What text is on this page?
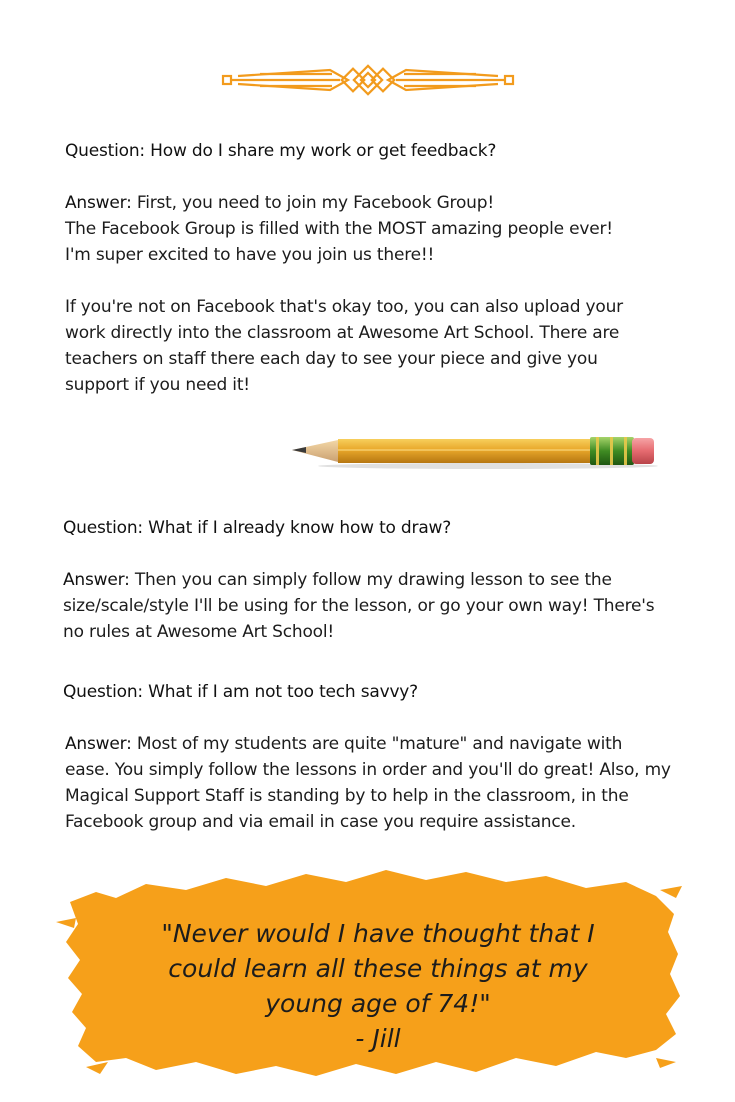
Question: How do I share my work or get feedback?
Answer: First, you need to join my Facebook Group!
The Facebook Group is filled with the MOST amazing people ever!
I'm super excited to have you join us there!!

If you're not on Facebook that's okay too, you can also upload your
work directly into the classroom at Awesome Art School. There are
teachers on staff there each day to see your piece and give you
support if you need it!
Question: What if I already know how to draw?
Answer: Then you can simply follow my drawing lesson to see the
size/scale/style I'll be using for the lesson, or go your own way! There's
no rules at Awesome Art School!
Question: What if I am not too tech savvy?
Answer: Most of my students are quite "mature" and navigate with
ease. You simply follow the lessons in order and you'll do great! Also, my
Magical Support Staff is standing by to help in the classroom, in the
Facebook group and via email in case you require assistance.
"Never would I have thought that I
could learn all these things at my
young age of 74!"
- Jill
